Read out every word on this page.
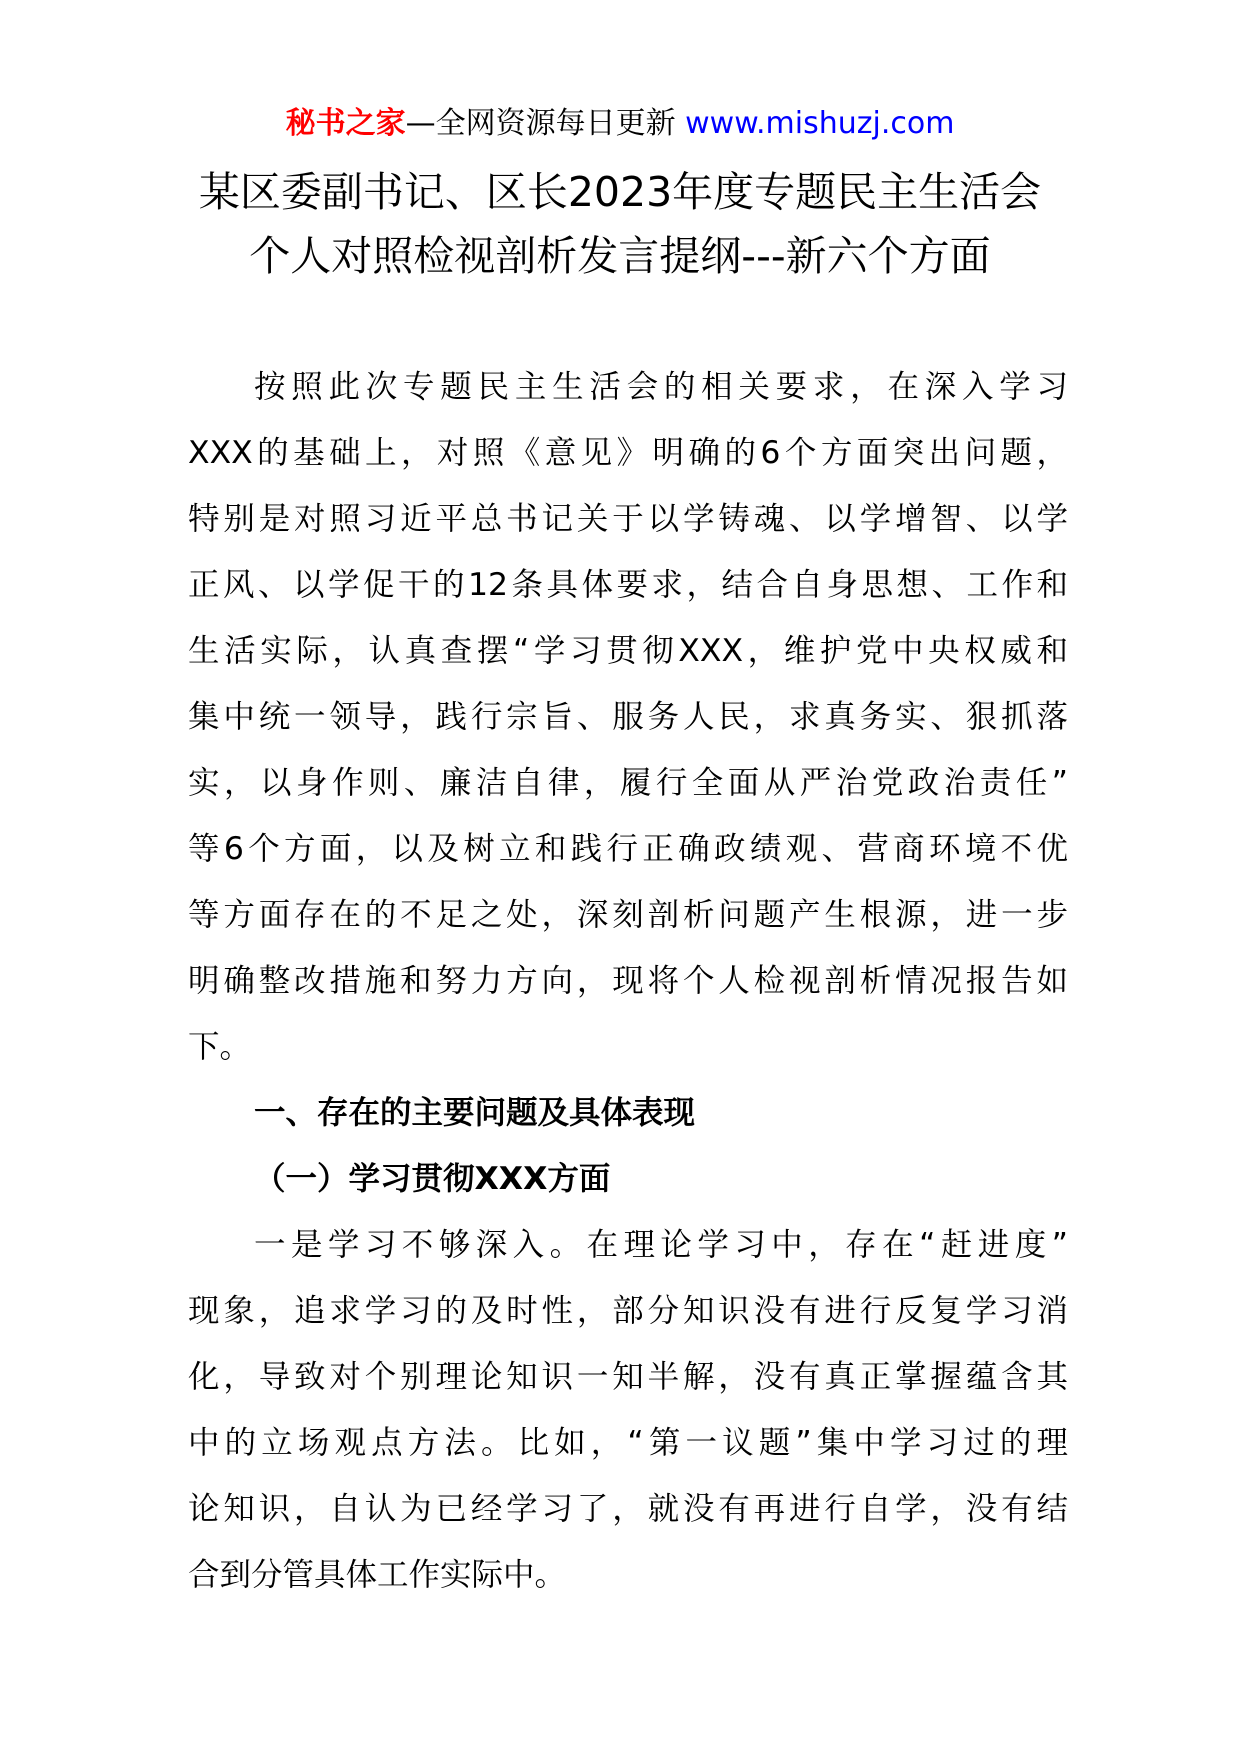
秘书之家—全网资源每日更新 www.mishuzj.com
某区委副书记、区长2023年度专题民主生活会
个人对照检视剖析发言提纲---新六个方面
按照此次专题民主生活会的相关要求，在深入学习
XXX的基础上，对照《意见》明确的6个方面突出问题，
特别是对照习近平总书记关于以学铸魂、以学增智、以学
正风、以学促干的12条具体要求，结合自身思想、工作和
生活实际，认真查摆“学习贯彻XXX，维护党中央权威和
集中统一领导，践行宗旨、服务人民，求真务实、狠抓落
实，以身作则、廉洁自律，履行全面从严治党政治责任”
等6个方面，以及树立和践行正确政绩观、营商环境不优
等方面存在的不足之处，深刻剖析问题产生根源，进一步
明确整改措施和努力方向，现将个人检视剖析情况报告如
下。
一、存在的主要问题及具体表现
（一）学习贯彻XXX方面
一是学习不够深入。在理论学习中，存在“赶进度”
现象，追求学习的及时性，部分知识没有进行反复学习消
化，导致对个别理论知识一知半解，没有真正掌握蕴含其
中的立场观点方法。比如，“第一议题”集中学习过的理
论知识，自认为已经学习了，就没有再进行自学，没有结
合到分管具体工作实际中。
